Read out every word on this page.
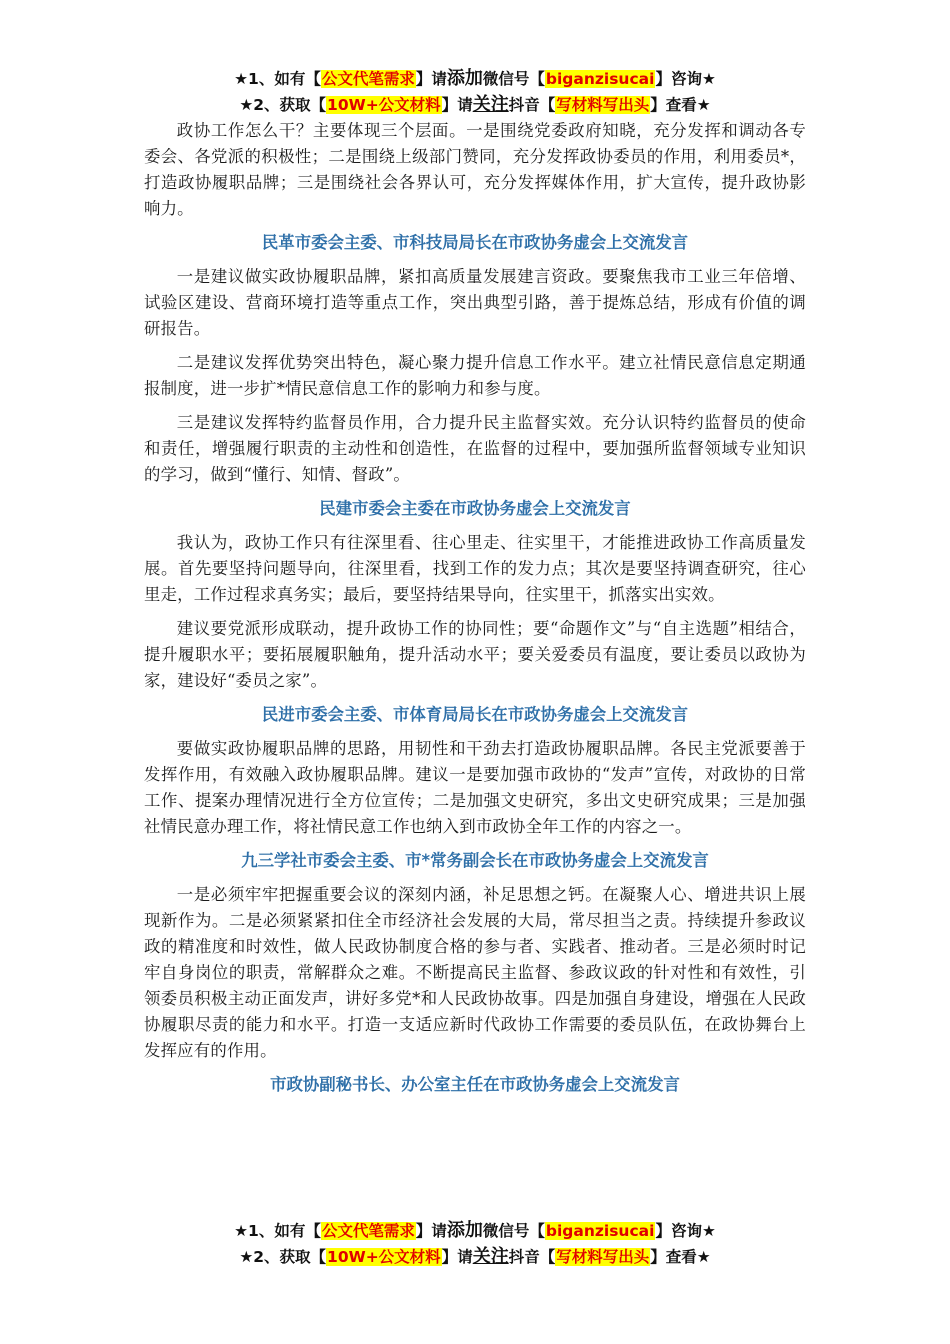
★1、如有【公文代笔需求】请添加微信号【biganzisucai】咨询★
★2、获取【10W+公文材料】请关注抖音【写材料写出头】查看★

政协工作怎么干？主要体现三个层面。一是围绕党委政府知晓，充分发挥和调动各专委会、各党派的积极性；二是围绕上级部门赞同，充分发挥政协委员的作用，利用委员*，打造政协履职品牌；三是围绕社会各界认可，充分发挥媒体作用，扩大宣传，提升政协影响力。

民革市委会主委、市科技局局长在市政协务虚会上交流发言

一是建议做实政协履职品牌，紧扣高质量发展建言资政。要聚焦我市工业三年倍增、试验区建设、营商环境打造等重点工作，突出典型引路，善于提炼总结，形成有价值的调研报告。

二是建议发挥优势突出特色，凝心聚力提升信息工作水平。建立社情民意信息定期通报制度，进一步扩*情民意信息工作的影响力和参与度。

三是建议发挥特约监督员作用，合力提升民主监督实效。充分认识特约监督员的使命和责任，增强履行职责的主动性和创造性，在监督的过程中，要加强所监督领域专业知识的学习，做到“懂行、知情、督政”。

民建市委会主委在市政协务虚会上交流发言

我认为，政协工作只有往深里看、往心里走、往实里干，才能推进政协工作高质量发展。首先要坚持问题导向，往深里看，找到工作的发力点；其次是要坚持调查研究，往心里走，工作过程求真务实；最后，要坚持结果导向，往实里干，抓落实出实效。

建议要党派形成联动，提升政协工作的协同性；要“命题作文”与“自主选题”相结合，提升履职水平；要拓展履职触角，提升活动水平；要关爱委员有温度，要让委员以政协为家，建设好“委员之家”。

民进市委会主委、市体育局局长在市政协务虚会上交流发言

要做实政协履职品牌的思路，用韧性和干劲去打造政协履职品牌。各民主党派要善于发挥作用，有效融入政协履职品牌。建议一是要加强市政协的“发声”宣传，对政协的日常工作、提案办理情况进行全方位宣传；二是加强文史研究，多出文史研究成果；三是加强社情民意办理工作，将社情民意工作也纳入到市政协全年工作的内容之一。

九三学社市委会主委、市*常务副会长在市政协务虚会上交流发言

一是必须牢牢把握重要会议的深刻内涵，补足思想之钙。在凝聚人心、增进共识上展现新作为。二是必须紧紧扣住全市经济社会发展的大局，常尽担当之责。持续提升参政议政的精准度和时效性，做人民政协制度合格的参与者、实践者、推动者。三是必须时时记牢自身岗位的职责，常解群众之难。不断提高民主监督、参政议政的针对性和有效性，引领委员积极主动正面发声，讲好多党*和人民政协故事。四是加强自身建设，增强在人民政协履职尽责的能力和水平。打造一支适应新时代政协工作需要的委员队伍，在政协舞台上发挥应有的作用。

市政协副秘书长、办公室主任在市政协务虚会上交流发言
★1、如有【公文代笔需求】请添加微信号【biganzisucai】咨询★
★2、获取【10W+公文材料】请关注抖音【写材料写出头】查看★
